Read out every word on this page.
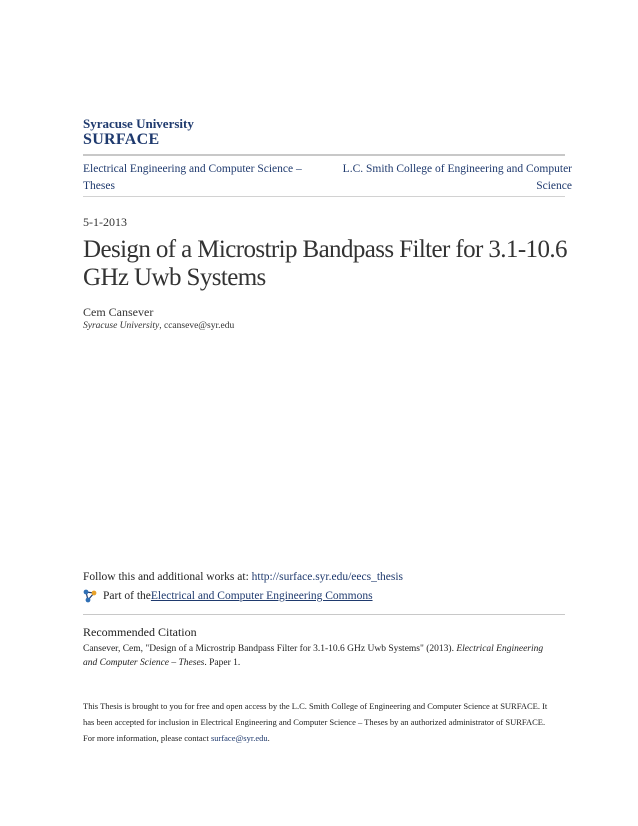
Syracuse University
SURFACE
Electrical Engineering and Computer Science – Theses
L.C. Smith College of Engineering and Computer Science
5-1-2013
Design of a Microstrip Bandpass Filter for 3.1-10.6 GHz Uwb Systems
Cem Cansever
Syracuse University, ccanseve@syr.edu
Follow this and additional works at: http://surface.syr.edu/eecs_thesis
Part of the Electrical and Computer Engineering Commons
Recommended Citation
Cansever, Cem, "Design of a Microstrip Bandpass Filter for 3.1-10.6 GHz Uwb Systems" (2013). Electrical Engineering and Computer Science – Theses. Paper 1.
This Thesis is brought to you for free and open access by the L.C. Smith College of Engineering and Computer Science at SURFACE. It has been accepted for inclusion in Electrical Engineering and Computer Science – Theses by an authorized administrator of SURFACE. For more information, please contact surface@syr.edu.
